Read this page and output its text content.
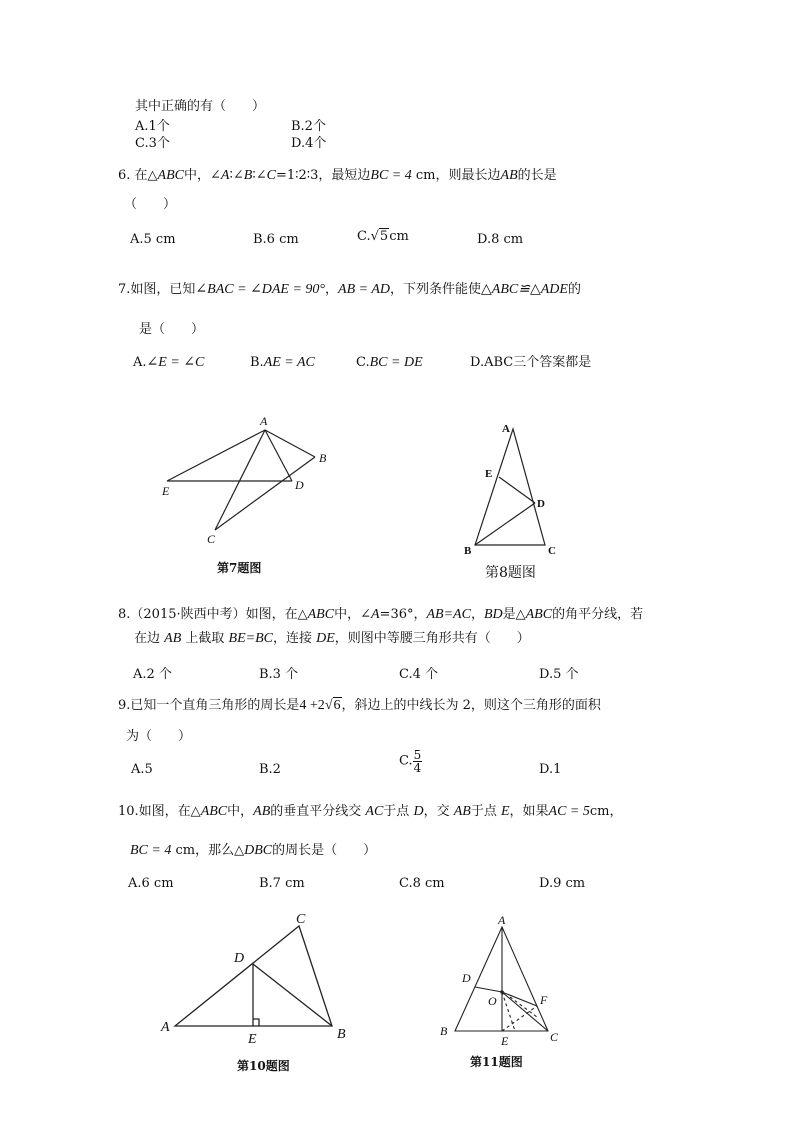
其中正确的有（　　）
A.1个	B.2个
C.3个	D.4个
6. 在△ABC中，∠A∶∠B∶∠C=1∶2∶3，最短边BC = 4 cm，则最长边AB的长是
（　　）
A.5 cm	B.6 cm	C.√5cm	D.8 cm
7.如图，已知∠BAC = ∠DAE = 90°，AB = AD，下列条件能使△ABC≌△ADE的
是（　　）
A.∠E = ∠C	B.AE = AC	C.BC = DE	D.ABC三个答案都是
A
B
C
D
E
第7题图
A
B	C
D
E
第8题图
8.（2015·陕西中考）如图，在△ABC中，∠A=36°，AB=AC，BD是△ABC的角平分线，若
在边 AB 上截取 BE=BC，连接 DE，则图中等腰三角形共有（　　）
A.2 个	B.3 个	C.4 个	D.5 个
9.已知一个直角三角形的周长是4 +2√6，斜边上的中线长为 2，则这个三角形的面积
为（　　）
A.5	B.2
C. $\frac{5}{4}$	D.1
10.如图，在△ABC中，AB的垂直平分线交 AC于点 D，交 AB于点 E，如果AC = 5cm，
BC = 4 cm，那么△DBC的周长是（　　）
A.6 cm	B.7 cm	C.8 cm	D.9 cm
A	B
C
D
E
第10题图
A
B	C
D
E
F
O
第11题图
